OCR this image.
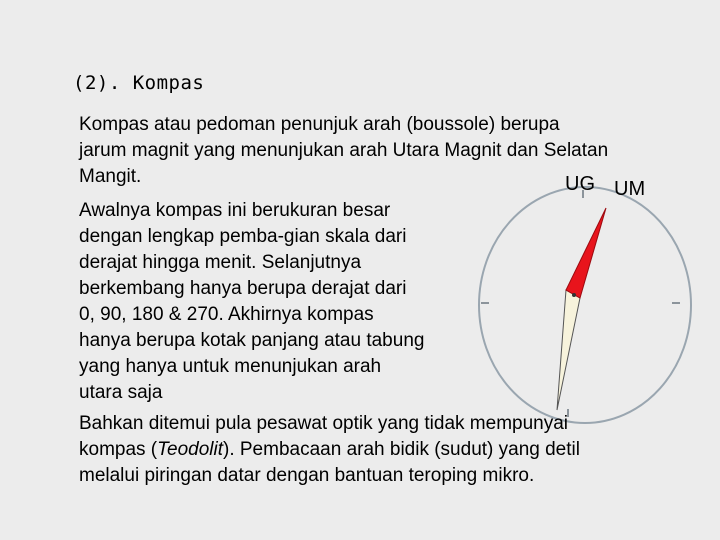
(2). Kompas
UG UM
Kompas atau pedoman penunjuk arah (boussole) berupa
jarum magnit yang menunjukan arah Utara Magnit dan Selatan
Mangit.
Awalnya kompas ini berukuran besar
dengan lengkap pemba-gian skala dari
derajat hingga menit. Selanjutnya
berkembang hanya berupa derajat dari
0, 90, 180 & 270. Akhirnya kompas
hanya berupa kotak panjang atau tabung
yang hanya untuk menunjukan arah
utara saja
Bahkan ditemui pula pesawat optik yang tidak mempunyai
kompas (Teodolit). Pembacaan arah bidik (sudut) yang detil
melalui piringan datar dengan bantuan teroping mikro.
